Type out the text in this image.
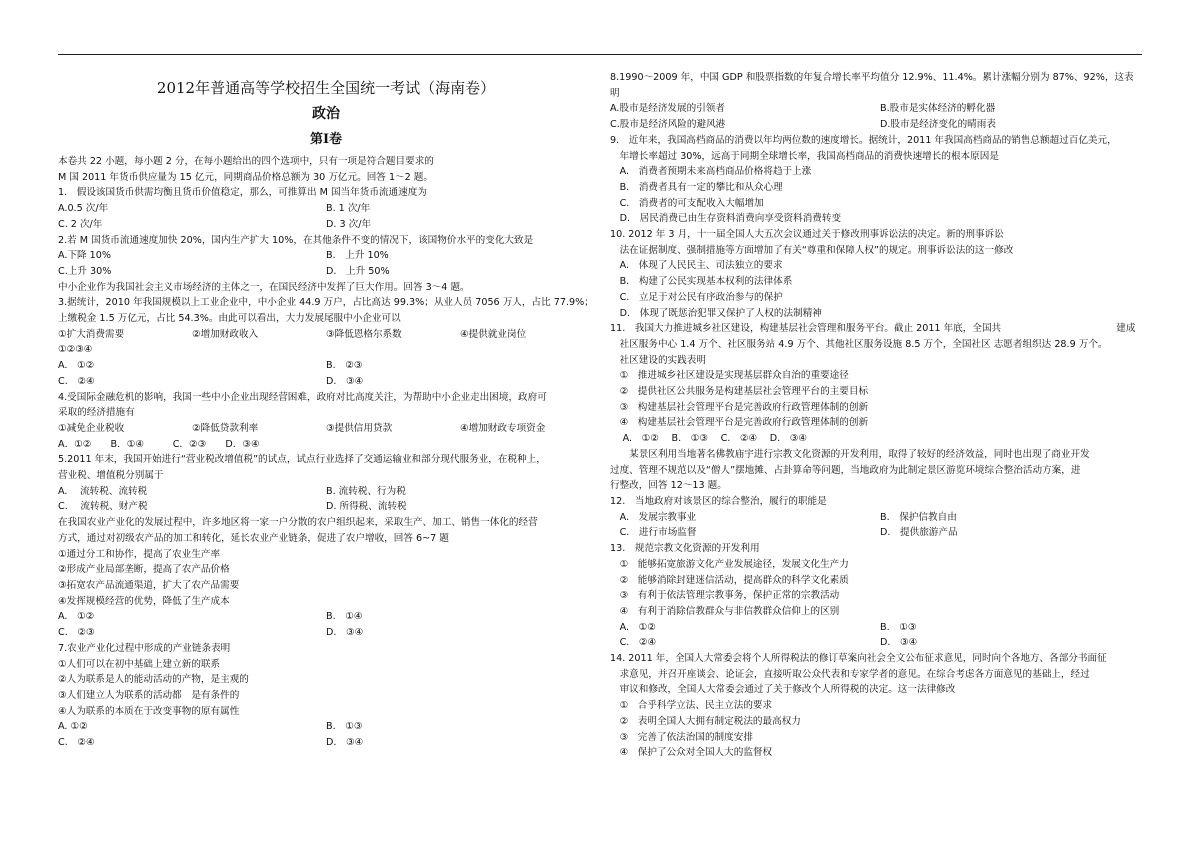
2012年普通高等学校招生全国统一考试（海南卷）
政治
第Ⅰ卷
本卷共 22 小题，每小题 2 分，在每小题给出的四个选项中，只有一项是符合题目要求的
M 国 2011 年货币供应量为 15 亿元，同期商品价格总额为 30 万亿元。回答 1～2 题。
1.　假设该国货币供需均衡且货币价值稳定，那么，可推算出 M 国当年货币流通速度为
A.0.5 次/年	B. 1 次/年
C. 2 次/年	D. 3 次/年
2.若 M 国货币流通速度加快 20%，国内生产扩大 10%，在其他条件不变的情况下，该国物价水平的变化大致是
A.下降 10%	B.　上升 10%
C.上升 30%	D.　上升 50%
中小企业作为我国社会主义市场经济的主体之一，在国民经济中发挥了巨大作用。回答 3～4 题。
3.据统计，2010 年我国规模以上工业企业中，中小企业 44.9 万户，占比高达 99.3%；从业人员 7056 万人，占比 77.9%；
上缴税金 1.5 万亿元，占比 54.3%。由此可以看出，大力发展尾服中小企业可以
①扩大消费需要	②增加财政收入	③降低恩格尔系数	④提供就业岗位
①②③④
A.　①②	B.　②③
C.　②④	D.　③④
4.受国际金融危机的影响，我国一些中小企业出现经营困难，政府对比高度关注，为帮助中小企业走出困境，政府可
采取的经济措施有
①减免企业税收	②降低贷款利率	③提供信用贷款	④增加财政专项资金
A．①②　　B．①④　　　C．②③　　D．③④
5.2011 年末，我国开始进行“营业税改增值税”的试点，试点行业选择了交通运输业和部分现代服务业，在税种上，
营业税、增值税分别属于
A.　 流转税、流转税	B. 流转税、行为税
C.　 流转税、财产税	D. 所得税、流转税
在我国农业产业化的发展过程中，许多地区将一家一户分散的农户组织起来，采取生产、加工、销售一体化的经营
方式，通过对初级农产品的加工和转化，延长农业产业链条，促进了农户增收，回答 6~7 题
①通过分工和协作，提高了农业生产率
②形成产业局部垄断，提高了农产品价格
③拓宽农产品流通渠道，扩大了农产品需要
④发挥规模经营的优势，降低了生产成本
A.　①②	B.　①④
C.　②③	D.　③④
7.农业产业化过程中形成的产业链条表明
①人们可以在初中基础上建立新的联系
②人为联系是人的能动活动的产物，是主观的
③人们建立人为联系的活动都　是有条件的
④人为联系的本质在于改变事物的原有属性
A. ①②	B.　①③
C.　②④	D.　③④
8.1990～2009 年，中国 GDP 和股票指数的年复合增长率平均值分 12.9%、11.4%。累计涨幅分别为 87%、92%，这表
明
A.股市是经济发展的引领者	B.股市是实体经济的孵化器
C.股市是经济风险的避风港	D.股市是经济变化的晴雨表
9.　近年来，我国高档商品的消费以年均两位数的速度增长。据统计，2011 年我国高档商品的销售总额超过百亿美元，
　年增长率超过 30%，远高于同期全球增长率，我国高档商品的消费快速增长的根本原因是
　A.　消费者预期未来高档商品价格将趋于上涨
　B.　消费者具有一定的攀比和从众心理
　C.　消费者的可支配收入大幅增加
　D.　居民消费已由生存资料消费向享受资料消费转变
10. 2012 年 3 月，十一届全国人大五次会议通过关于修改刑事诉讼法的决定。新的刑事诉讼
　法在证据制度、强制措施等方面增加了有关“尊重和保障人权”的规定。刑事诉讼法的这一修改
　A.　体现了人民民主、司法独立的要求
　B.　构建了公民实现基本权利的法律体系
　C.　立足于对公民有序政治参与的保护
　D.　体现了既惩治犯罪又保护了人权的法制精神
11.　我国大力推进城乡社区建设，构建基层社会管理和服务平台。截止 2011 年底，全国共　　　　　　　　　　　　建成
　社区服务中心 1.4 万个、社区服务站 4.9 万个、其他社区服务设施 8.5 万个，全国社区 志愿者组织达 28.9 万个。
　社区建设的实践表明
　①　推进城乡社区建设是实现基层群众自治的重要途径
　②　提供社区公共服务是构建基层社会管理平台的主要目标
　③　构建基层社会管理平台是完善政府行政管理体制的创新
　④　构建基层社会管理平台是完善政府行政管理体制的创新
　 A.　①②　 B.　①③　 C.　②④　 D.　③④
　　某景区利用当地著名佛教庙宇进行宗教文化资源的开发利用，取得了较好的经济效益，同时也出现了商业开发
过度、管理不规范以及“僧人”摆地摊、占卦算命等问题，当地政府为此制定景区游览环境综合整治活动方案，进
行整改，回答 12～13 题。
12.　当地政府对该景区的综合整治，履行的职能是
　A.　发展宗教事业	B.　保护信教自由
　C.　进行市场监督	D.　提供旅游产品
13.　规范宗教文化资源的开发利用
　①　能够拓宽旅游文化产业发展途径，发展文化生产力
　②　能够消除封建迷信活动，提高群众的科学文化素质
　③　有利于依法管理宗教事务，保护正常的宗教活动
　④　有利于消除信教群众与非信教群众信仰上的区别
　A.　①②	B.　①③
　C.　②④	D.　③④
14. 2011 年，全国人大常委会将个人所得税法的修订草案向社会全文公布征求意见，同时向个各地方、各部分书面征
　求意见，并召开座谈会、论证会，直接听取公众代表和专家学者的意见。在综合考虑各方面意见的基础上，经过
　审议和修改，全国人大常委会通过了关于修改个人所得税的决定。这一法律修改
　①　合乎科学立法、民主立法的要求
　②　表明全国人大拥有制定税法的最高权力
　③　完善了依法治国的制度安排
　④　保护了公众对全国人大的监督权
